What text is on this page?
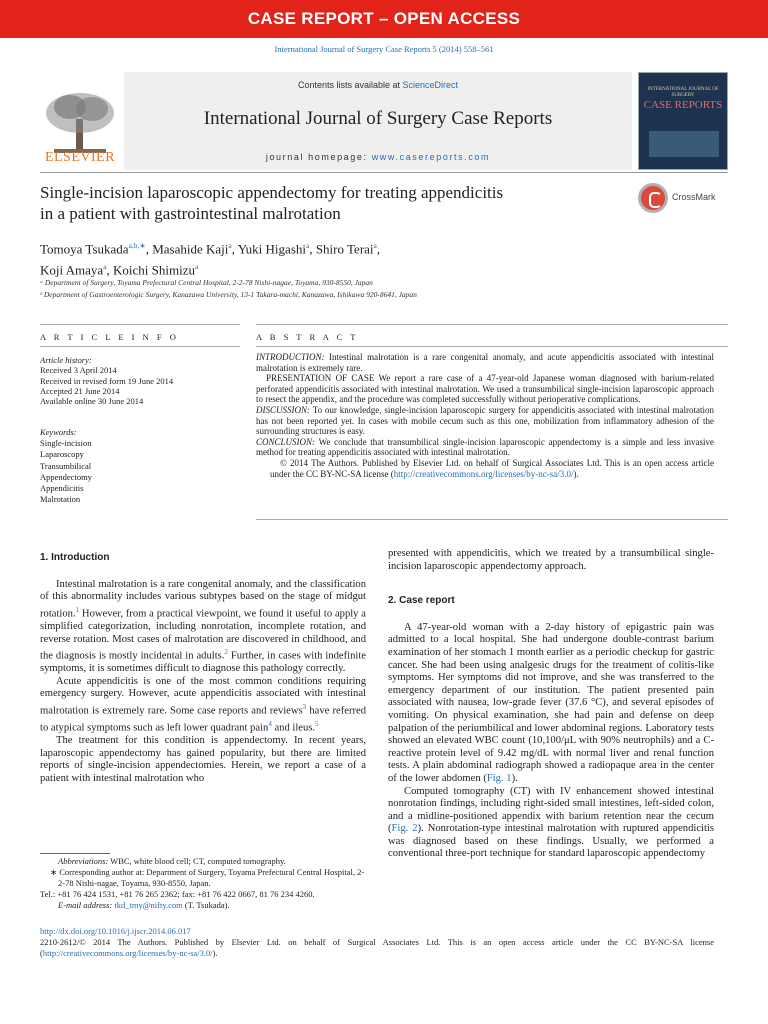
CASE REPORT – OPEN ACCESS
International Journal of Surgery Case Reports 5 (2014) 558–561
ELSEVIER
Contents lists available at ScienceDirect
International Journal of Surgery Case Reports
journal homepage: www.casereports.com
INTERNATIONAL JOURNAL OF SURGERY
CASE REPORTS
Single-incision laparoscopic appendectomy for treating appendicitis
in a patient with gastrointestinal malrotation
CrossMark
Tomoya Tsukada$^{a,b,∗}$, Masahide Kaji$^a$, Yuki Higashi$^a$, Shiro Terai$^a$,
Koji Amaya$^a$, Koichi Shimizu$^a$
ᵃ Department of Surgery, Toyama Prefectural Central Hospital, 2-2-78 Nishi-nagae, Toyama, 930-8550, Japan
ᵇ Department of Gastroenterologic Surgery, Kanazawa University, 13-1 Takara-machi, Kanazawa, Ishikawa 920-8641, Japan
A R T I C L E I N F O	A B S T R A C T
Article history:
Received 3 April 2014
Received in revised form 19 June 2014
Accepted 21 June 2014
Available online 30 June 2014
Keywords:
Single-incision
Laparoscopy
Transumbilical
Appendectomy
Appendicitis
Malrotation

INTRODUCTION: Intestinal malrotation is a rare congenital anomaly, and acute appendicitis associated with intestinal malrotation is extremely rare.

PRESENTATION OF CASE We report a rare case of a 47-year-old Japanese woman diagnosed with barium-related perforated appendicitis associated with intestinal malrotation. We used a transumbilical single-incision laparoscopic approach to resect the appendix, and the procedure was completed successfully without perioperative complications.

DISCUSSION: To our knowledge, single-incision laparoscopic surgery for appendicitis associated with intestinal malrotation has not been reported yet. In cases with mobile cecum such as this one, mobilization from inflammatory adhesion of the surrounding structures is easy.

CONCLUSION: We conclude that transumbilical single-incision laparoscopic appendectomy is a simple and less invasive method for treating appendicitis associated with intestinal malrotation.

© 2014 The Authors. Published by Elsevier Ltd. on behalf of Surgical Associates Ltd. This is an open access article under the CC BY-NC-SA license (http://creativecommons.org/licenses/by-nc-sa/3.0/).

1. Introduction

Intestinal malrotation is a rare congenital anomaly, and the classification of this abnormality includes various subtypes based on the stage of midgut rotation.$^1$ However, from a practical viewpoint, we found it useful to apply a simplified categorization, including nonrotation, incomplete rotation, and reverse rotation. Most cases of malrotation are discovered in childhood, and the diagnosis is mostly incidental in adults.$^2$ Further, in cases with indefinite symptoms, it is sometimes difficult to diagnose this pathology correctly.

Acute appendicitis is one of the most common conditions requiring emergency surgery. However, acute appendicitis associated with intestinal malrotation is extremely rare. Some case reports and reviews$^3$ have referred to atypical symptoms such as left lower quadrant pain$^4$ and ileus.$^5$

The treatment for this condition is appendectomy. In recent years, laparoscopic appendectomy has gained popularity, but there are limited reports of single-incision appendectomies. Herein, we report a case of a patient with intestinal malrotation who

presented with appendicitis, which we treated by a transumbilical single-incision laparoscopic appendectomy approach.

2. Case report

A 47-year-old woman with a 2-day history of epigastric pain was admitted to a local hospital. She had undergone double-contrast barium examination of her stomach 1 month earlier as a periodic checkup for gastric cancer. She had been using analgesic drugs for the treatment of colitis-like symptoms. Her symptoms did not improve, and she was transferred to the emergency department of our institution. The patient presented pain associated with nausea, low-grade fever (37.6 °C), and several episodes of vomiting. On physical examination, she had pain and defense on deep palpation of the periumbilical and lower abdominal regions. Laboratory tests showed an elevated WBC count (10,100/μL with 90% neutrophils) and a C-reactive protein level of 9.42 mg/dL with normal liver and renal function tests. A plain abdominal radiograph showed a radiopaque area in the center of the lower abdomen (Fig. 1).

Computed tomography (CT) with IV enhancement showed intestinal nonrotation findings, including right-sided small intestines, left-sided colon, and a midline-positioned appendix with barium retention near the cecum (Fig. 2). Nonrotation-type intestinal malrotation with ruptured appendicitis was diagnosed based on these findings. Usually, we performed a conventional three-port technique for standard laparoscopic appendectomy

Abbreviations: WBC, white blood cell; CT, computed tomography.
∗ Corresponding author at: Department of Surgery, Toyama Prefectural Central Hospital, 2-2-78 Nishi-nagae, Toyama, 930-8550, Japan.
Tel.: +81 76 424 1531, +81 76 265 2362; fax: +81 76 422 0667, 81 76 234 4260.
E-mail address: tkd_tmy@nifty.com (T. Tsukada).
http://dx.doi.org/10.1016/j.ijscr.2014.06.017
2210-2612/© 2014 The Authors. Published by Elsevier Ltd. on behalf of Surgical Associates Ltd. This is an open access article under the CC BY-NC-SA license (http://creativecommons.org/licenses/by-nc-sa/3.0/).
